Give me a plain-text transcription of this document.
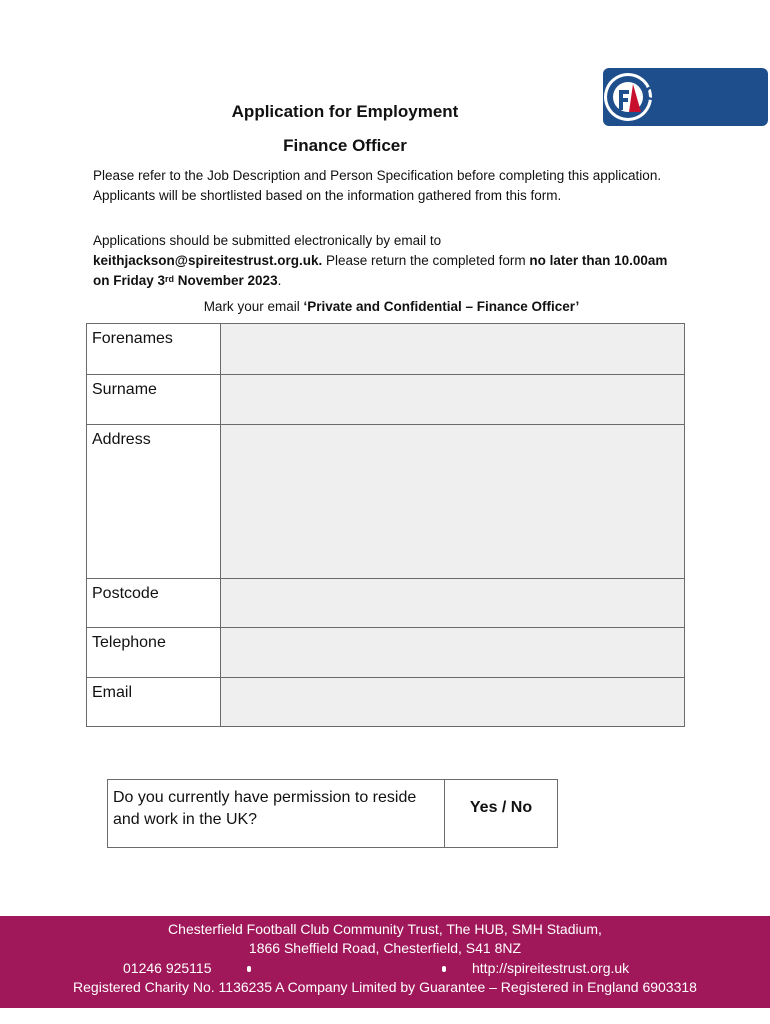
Chesterfield FC
COMMUNITY
TRUST
Application for Employment
Finance Officer
Please refer to the Job Description and Person Specification before completing this application. Applicants will be shortlisted based on the information gathered from this form.
Applications should be submitted electronically by email to
keithjackson@spireitestrust.org.uk. Please return the completed form no later than 10.00am on Friday 3rd November 2023.
Mark your email ‘Private and Confidential – Finance Officer’
Forenames
Surname
Address
Postcode
Telephone
Email
Do you currently have permission to reside and work in the UK?
Yes / No
Chesterfield Football Club Community Trust, The HUB, SMH Stadium,
1866 Sheffield Road, Chesterfield, S41 8NZ
01246 925115	http://spireitestrust.org.uk
Registered Charity No. 1136235 A Company Limited by Guarantee – Registered in England 6903318
